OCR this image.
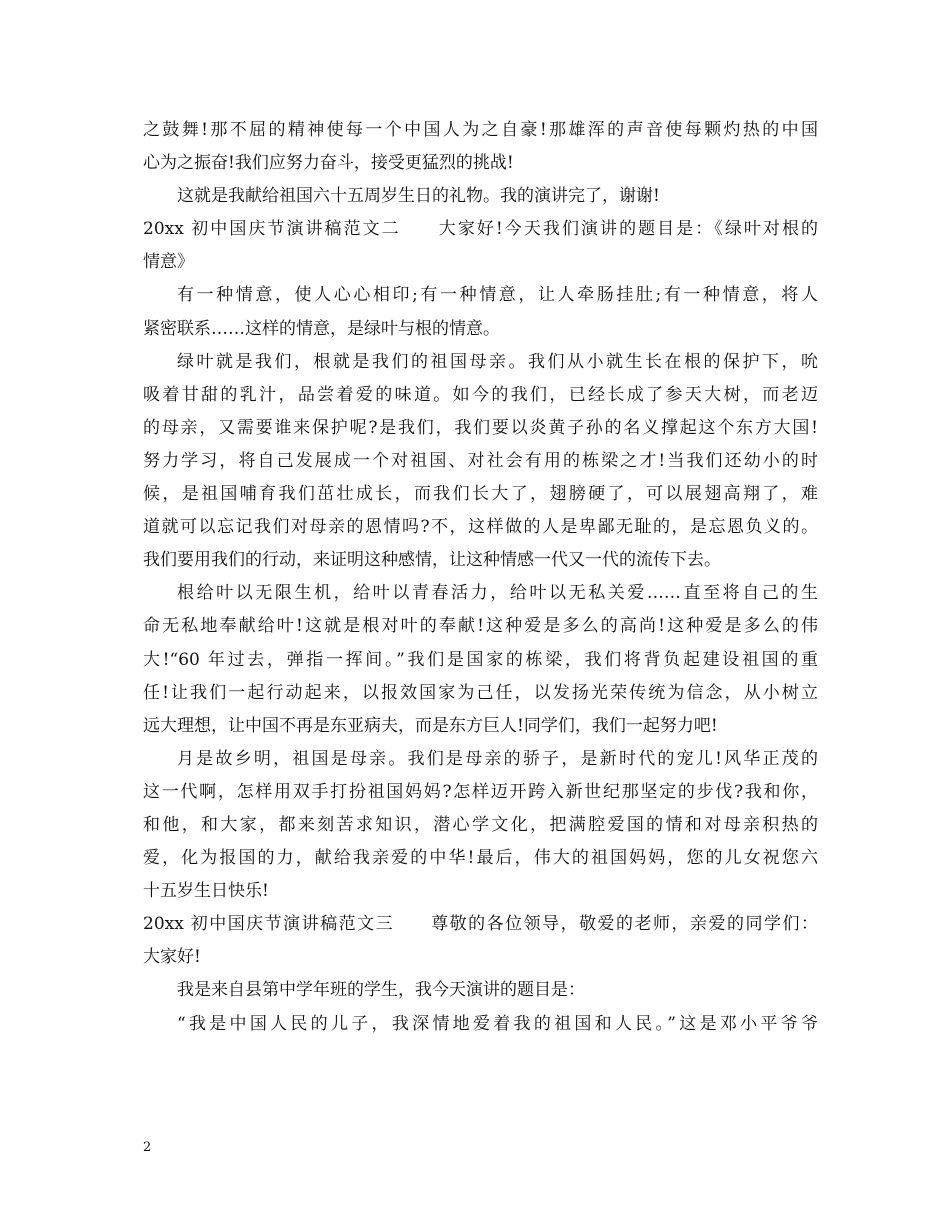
之鼓舞!那不屈的精神使每一个中国人为之自豪!那雄浑的声音使每颗灼热的中国
心为之振奋!我们应努力奋斗，接受更猛烈的挑战!
这就是我献给祖国六十五周岁生日的礼物。我的演讲完了，谢谢!
20xx 初中国庆节演讲稿范文二　　大家好!今天我们演讲的题目是：《绿叶对根的
情意》
有一种情意，使人心心相印;有一种情意，让人牵肠挂肚;有一种情意，将人
紧密联系……这样的情意，是绿叶与根的情意。
绿叶就是我们，根就是我们的祖国母亲。我们从小就生长在根的保护下，吮
吸着甘甜的乳汁，品尝着爱的味道。如今的我们，已经长成了参天大树，而老迈
的母亲，又需要谁来保护呢?是我们，我们要以炎黄子孙的名义撑起这个东方大国!
努力学习，将自己发展成一个对祖国、对社会有用的栋梁之才!当我们还幼小的时
候，是祖国哺育我们茁壮成长，而我们长大了，翅膀硬了，可以展翅高翔了，难
道就可以忘记我们对母亲的恩情吗?不，这样做的人是卑鄙无耻的，是忘恩负义的。
我们要用我们的行动，来证明这种感情，让这种情感一代又一代的流传下去。
根给叶以无限生机，给叶以青春活力，给叶以无私关爱……直至将自己的生
命无私地奉献给叶!这就是根对叶的奉献!这种爱是多么的高尚!这种爱是多么的伟
大!“60 年过去，弹指一挥间。”我们是国家的栋梁，我们将背负起建设祖国的重
任!让我们一起行动起来，以报效国家为己任，以发扬光荣传统为信念，从小树立
远大理想，让中国不再是东亚病夫，而是东方巨人!同学们，我们一起努力吧!
月是故乡明，祖国是母亲。我们是母亲的骄子，是新时代的宠儿!风华正茂的
这一代啊，怎样用双手打扮祖国妈妈?怎样迈开跨入新世纪那坚定的步伐?我和你，
和他，和大家，都来刻苦求知识，潜心学文化，把满腔爱国的情和对母亲积热的
爱，化为报国的力，献给我亲爱的中华!最后，伟大的祖国妈妈，您的儿女祝您六
十五岁生日快乐!
20xx 初中国庆节演讲稿范文三　　尊敬的各位领导，敬爱的老师，亲爱的同学们：
大家好!
我是来自县第中学年班的学生，我今天演讲的题目是：
“我是中国人民的儿子，我深情地爱着我的祖国和人民。”这是邓小平爷爷
2
